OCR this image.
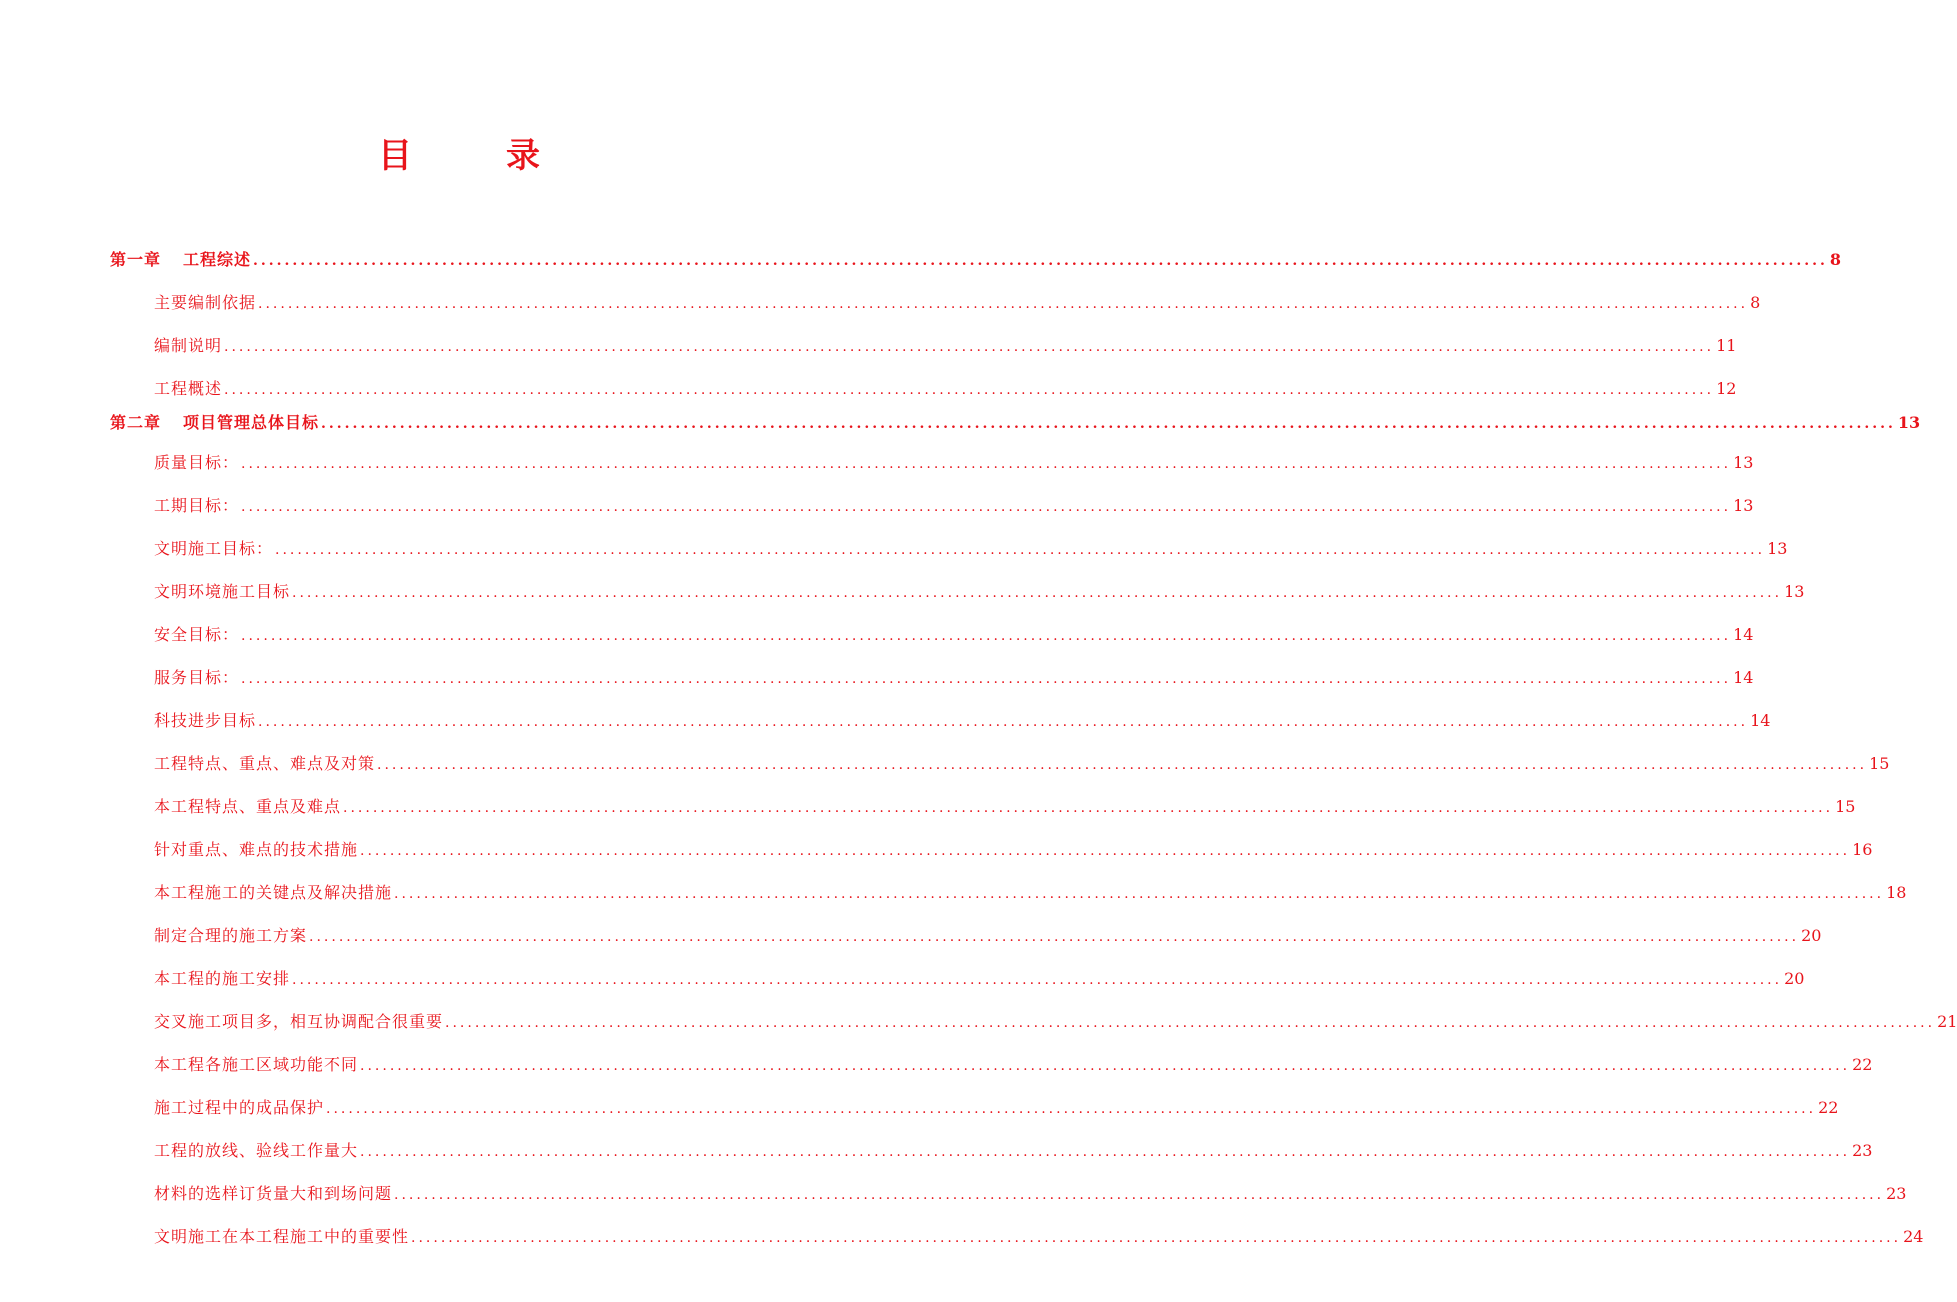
目	录
第一章 工程综述 ........................................................................................................................................................................................................ 8
主要编制依据 ........................................................................................................................................................................................................ 8
编制说明 ........................................................................................................................................................................................................ 11
工程概述 ........................................................................................................................................................................................................ 12
第二章 项目管理总体目标 ........................................................................................................................................................................................................ 13
质量目标： ........................................................................................................................................................................................................ 13
工期目标： ........................................................................................................................................................................................................ 13
文明施工目标： ........................................................................................................................................................................................................ 13
文明环境施工目标 ........................................................................................................................................................................................................ 13
安全目标： ........................................................................................................................................................................................................ 14
服务目标： ........................................................................................................................................................................................................ 14
科技进步目标 ........................................................................................................................................................................................................ 14
工程特点、重点、难点及对策 ........................................................................................................................................................................................................ 15
本工程特点、重点及难点 ........................................................................................................................................................................................................ 15
针对重点、难点的技术措施 ........................................................................................................................................................................................................ 16
本工程施工的关键点及解决措施 ........................................................................................................................................................................................................ 18
制定合理的施工方案 ........................................................................................................................................................................................................ 20
本工程的施工安排 ........................................................................................................................................................................................................ 20
交叉施工项目多，相互协调配合很重要 ........................................................................................................................................................................................................ 21
本工程各施工区域功能不同 ........................................................................................................................................................................................................ 22
施工过程中的成品保护 ........................................................................................................................................................................................................ 22
工程的放线、验线工作量大 ........................................................................................................................................................................................................ 23
材料的选样订货量大和到场问题 ........................................................................................................................................................................................................ 23
文明施工在本工程施工中的重要性 ........................................................................................................................................................................................................ 24
